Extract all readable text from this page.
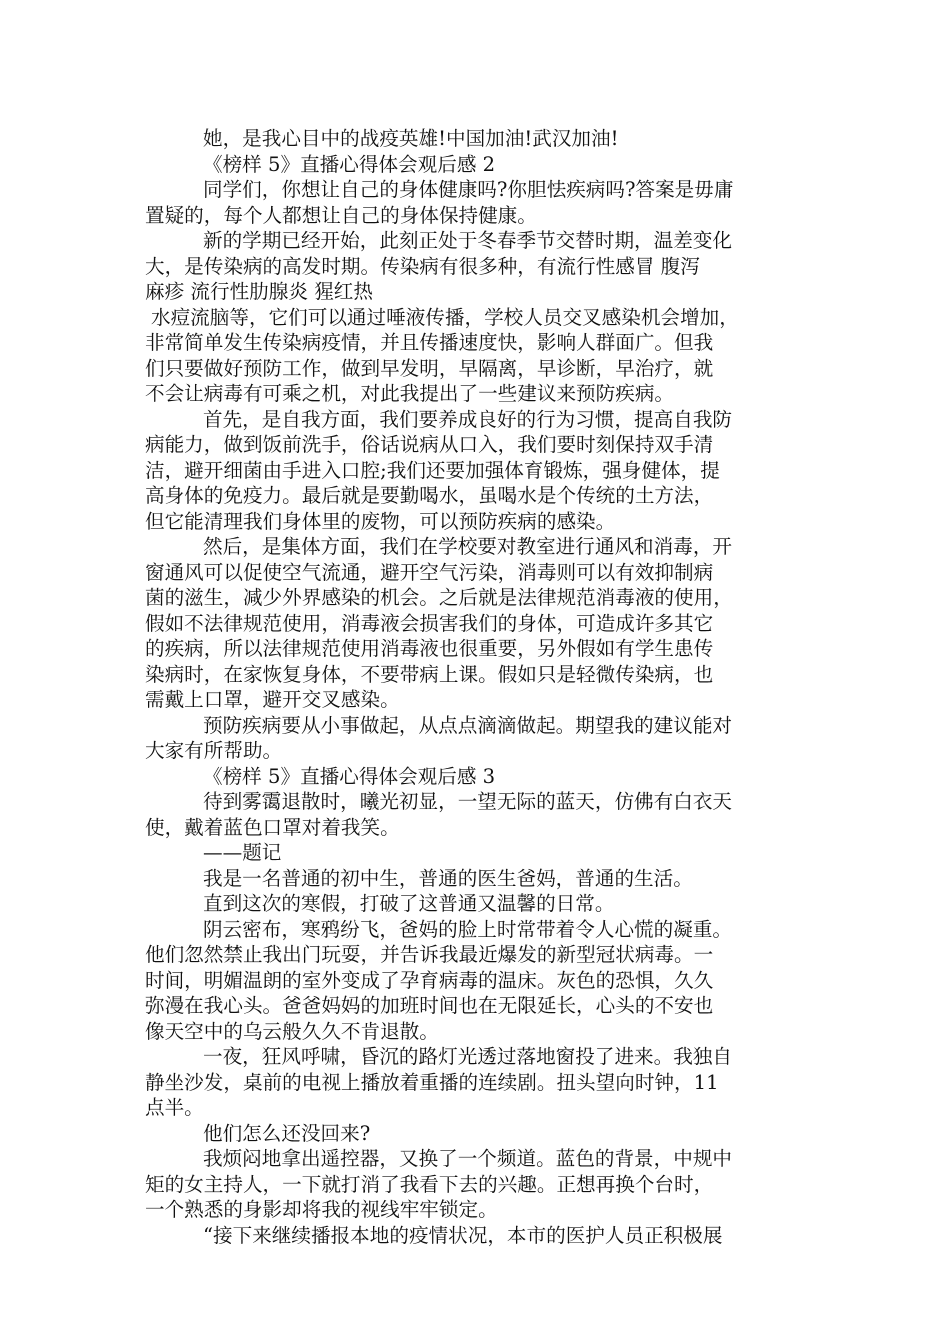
她，是我心目中的战疫英雄!中国加油!武汉加油!
《榜样 5》直播心得体会观后感 2
同学们，你想让自己的身体健康吗?你胆怯疾病吗?答案是毋庸
置疑的，每个人都想让自己的身体保持健康。
新的学期已经开始，此刻正处于冬春季节交替时期，温差变化
大，是传染病的高发时期。传染病有很多种，有流行性感冒 腹泻
麻疹 流行性肋腺炎 猩红热
水痘流脑等，它们可以通过唾液传播，学校人员交叉感染机会增加，
非常简单发生传染病疫情，并且传播速度快，影响人群面广。但我
们只要做好预防工作，做到早发明，早隔离，早诊断，早治疗，就
不会让病毒有可乘之机，对此我提出了一些建议来预防疾病。
首先，是自我方面，我们要养成良好的行为习惯，提高自我防
病能力，做到饭前洗手，俗话说病从口入，我们要时刻保持双手清
洁，避开细菌由手进入口腔;我们还要加强体育锻炼，强身健体，提
高身体的免疫力。最后就是要勤喝水，虽喝水是个传统的土方法，
但它能清理我们身体里的废物，可以预防疾病的感染。
然后，是集体方面，我们在学校要对教室进行通风和消毒，开
窗通风可以促使空气流通，避开空气污染，消毒则可以有效抑制病
菌的滋生，减少外界感染的机会。之后就是法律规范消毒液的使用，
假如不法律规范使用，消毒液会损害我们的身体，可造成许多其它
的疾病，所以法律规范使用消毒液也很重要，另外假如有学生患传
染病时，在家恢复身体，不要带病上课。假如只是轻微传染病，也
需戴上口罩，避开交叉感染。
预防疾病要从小事做起，从点点滴滴做起。期望我的建议能对
大家有所帮助。
《榜样 5》直播心得体会观后感 3
待到雾霭退散时，曦光初显，一望无际的蓝天，仿佛有白衣天
使，戴着蓝色口罩对着我笑。
——题记
我是一名普通的初中生，普通的医生爸妈，普通的生活。
直到这次的寒假，打破了这普通又温馨的日常。
阴云密布，寒鸦纷飞，爸妈的脸上时常带着令人心慌的凝重。
他们忽然禁止我出门玩耍，并告诉我最近爆发的新型冠状病毒。一
时间，明媚温朗的室外变成了孕育病毒的温床。灰色的恐惧，久久
弥漫在我心头。爸爸妈妈的加班时间也在无限延长，心头的不安也
像天空中的乌云般久久不肯退散。
一夜，狂风呼啸，昏沉的路灯光透过落地窗投了进来。我独自
静坐沙发，桌前的电视上播放着重播的连续剧。扭头望向时钟，11
点半。
他们怎么还没回来?
我烦闷地拿出遥控器，又换了一个频道。蓝色的背景，中规中
矩的女主持人，一下就打消了我看下去的兴趣。正想再换个台时，
一个熟悉的身影却将我的视线牢牢锁定。
“接下来继续播报本地的疫情状况，本市的医护人员正积极展
